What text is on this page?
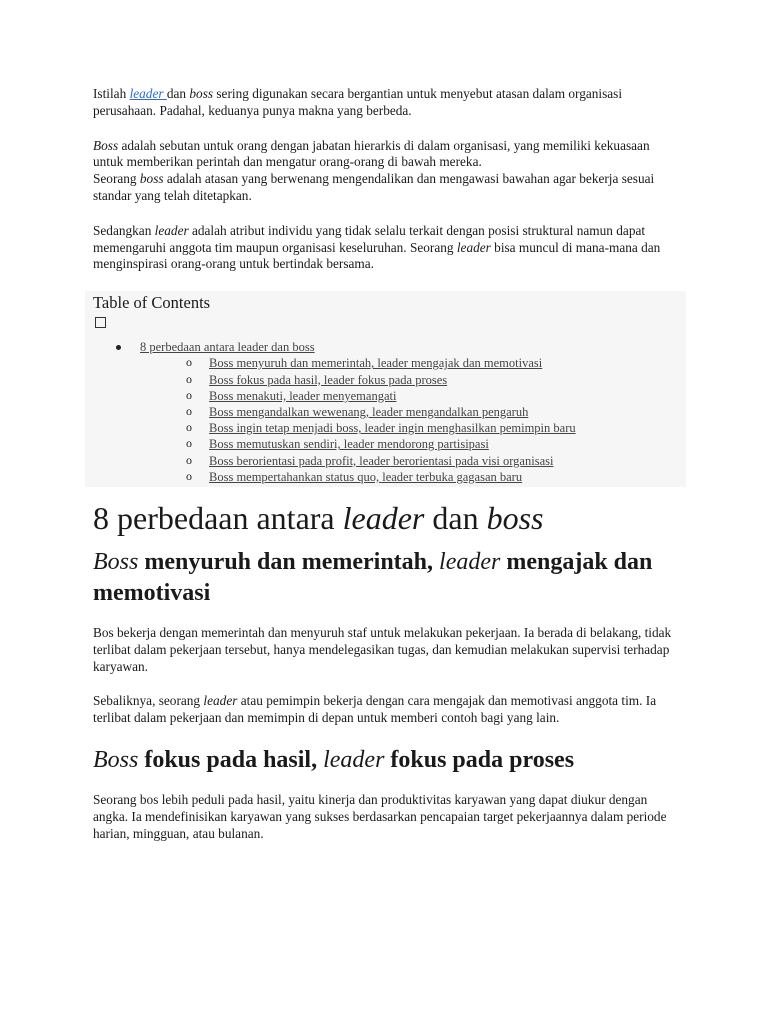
Istilah leader dan boss sering digunakan secara bergantian untuk menyebut atasan dalam organisasi perusahaan. Padahal, keduanya punya makna yang berbeda.

Boss adalah sebutan untuk orang dengan jabatan hierarkis di dalam organisasi, yang memiliki kekuasaan untuk memberikan perintah dan mengatur orang-orang di bawah mereka.

Seorang boss adalah atasan yang berwenang mengendalikan dan mengawasi bawahan agar bekerja sesuai standar yang telah ditetapkan.

Sedangkan leader adalah atribut individu yang tidak selalu terkait dengan posisi struktural namun dapat memengaruhi anggota tim maupun organisasi keseluruhan. Seorang leader bisa muncul di mana-mana dan menginspirasi orang-orang untuk bertindak bersama.

Table of Contents

8 perbedaan antara leader dan boss
o Boss menyuruh dan memerintah, leader mengajak dan memotivasi
o Boss fokus pada hasil, leader fokus pada proses
o Boss menakuti, leader menyemangati
o Boss mengandalkan wewenang, leader mengandalkan pengaruh
o Boss ingin tetap menjadi boss, leader ingin menghasilkan pemimpin baru
o Boss memutuskan sendiri, leader mendorong partisipasi
o Boss berorientasi pada profit, leader berorientasi pada visi organisasi
o Boss mempertahankan status quo, leader terbuka gagasan baru
8 perbedaan antara leader dan boss
Boss menyuruh dan memerintah, leader mengajak dan memotivasi

Bos bekerja dengan memerintah dan menyuruh staf untuk melakukan pekerjaan. Ia berada di belakang, tidak terlibat dalam pekerjaan tersebut, hanya mendelegasikan tugas, dan kemudian melakukan supervisi terhadap karyawan.

Sebaliknya, seorang leader atau pemimpin bekerja dengan cara mengajak dan memotivasi anggota tim. Ia terlibat dalam pekerjaan dan memimpin di depan untuk memberi contoh bagi yang lain.

Boss fokus pada hasil, leader fokus pada proses

Seorang bos lebih peduli pada hasil, yaitu kinerja dan produktivitas karyawan yang dapat diukur dengan angka. Ia mendefinisikan karyawan yang sukses berdasarkan pencapaian target pekerjaannya dalam periode harian, mingguan, atau bulanan.
